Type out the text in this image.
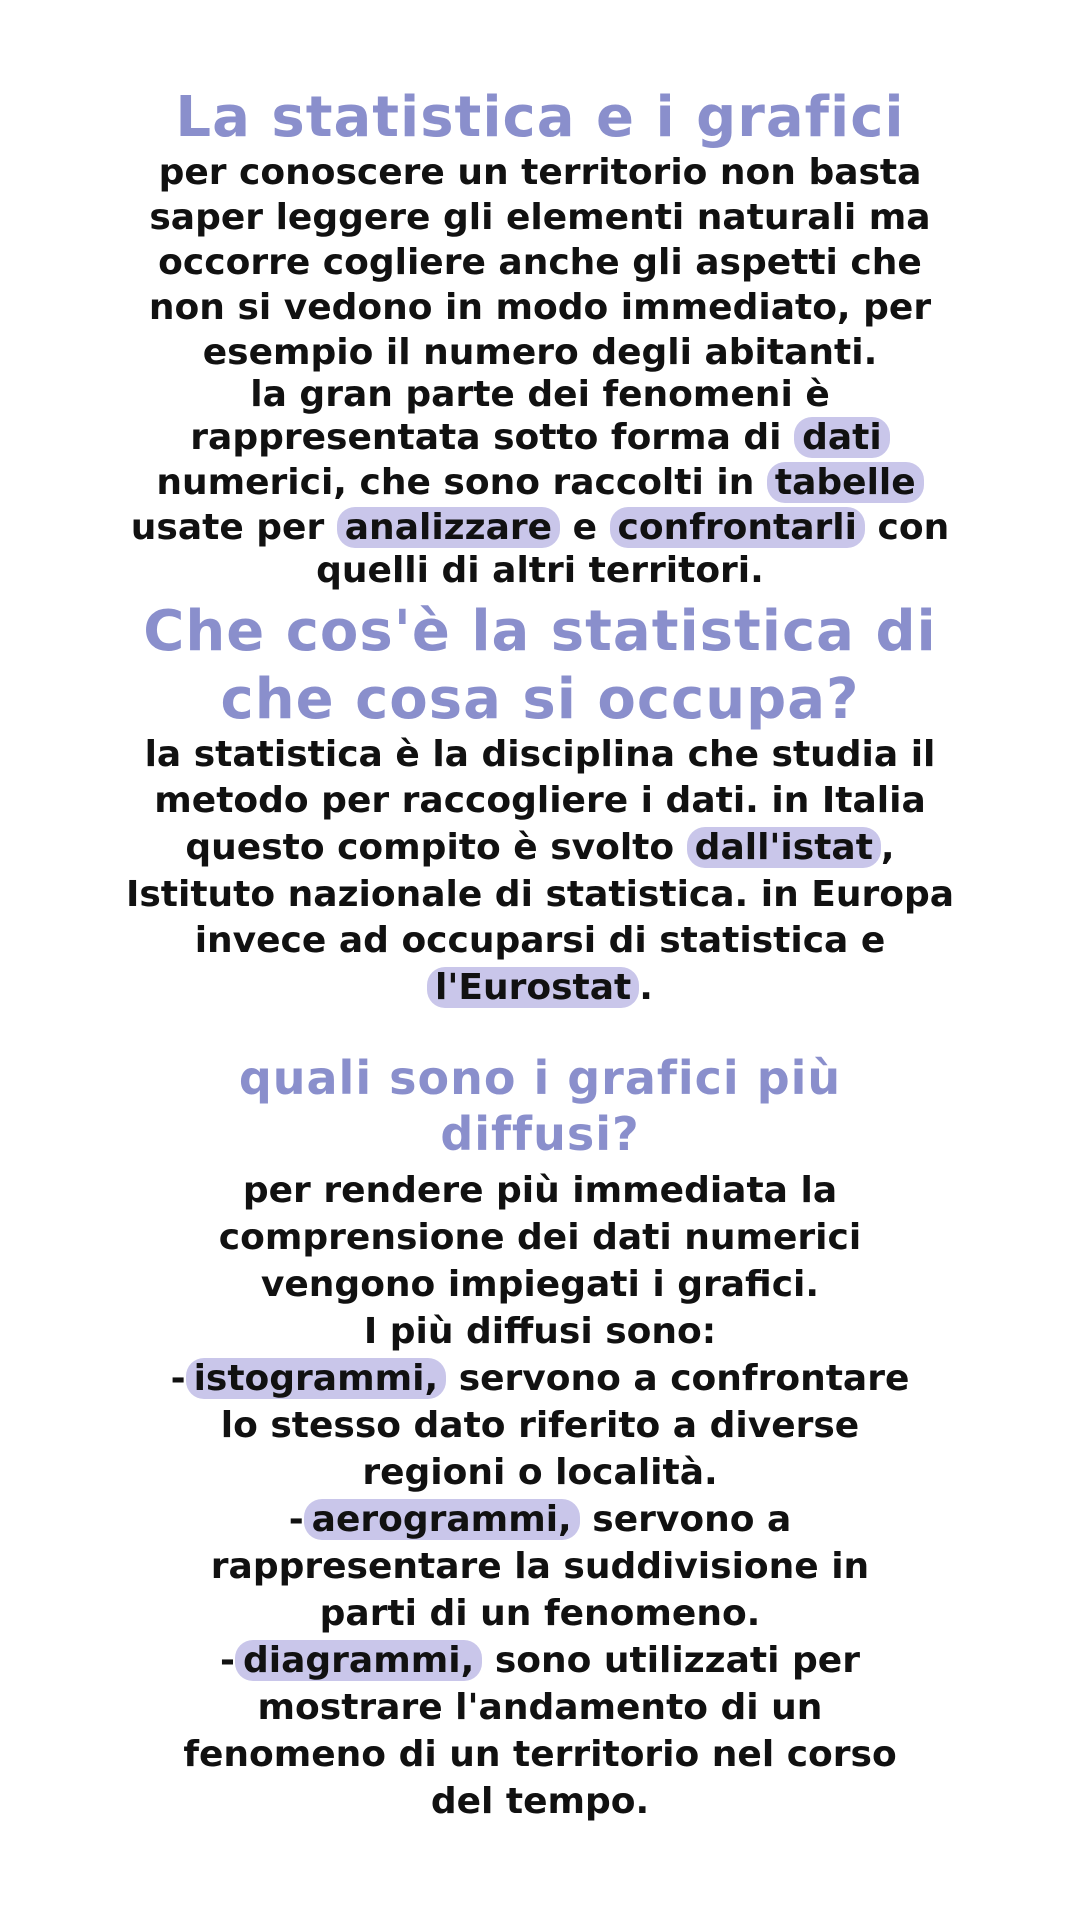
La statistica e i grafici

per conoscere un territorio non basta

saper leggere gli elementi naturali ma

occorre cogliere anche gli aspetti che

non si vedono in modo immediato, per

esempio il numero degli abitanti.

la gran parte dei fenomeni è

rappresentata sotto forma di dati

numerici, che sono raccolti in tabelle

usate per analizzare e confrontarli con

quelli di altri territori.

Che cos'è la statistica di
che cosa si occupa?

la statistica è la disciplina che studia il

metodo per raccogliere i dati. in Italia

questo compito è svolto dall'istat ,

Istituto nazionale di statistica. in Europa

invece ad occuparsi di statistica e

l'Eurostat .

quali sono i grafici più
diffusi?

per rendere più immediata la

comprensione dei dati numerici

vengono impiegati i grafici.

I più diffusi sono:

- istogrammi, servono a confrontare

lo stesso dato riferito a diverse

regioni o località.

- aerogrammi, servono a

rappresentare la suddivisione in

parti di un fenomeno.

- diagrammi, sono utilizzati per

mostrare l'andamento di un

fenomeno di un territorio nel corso

del tempo.
